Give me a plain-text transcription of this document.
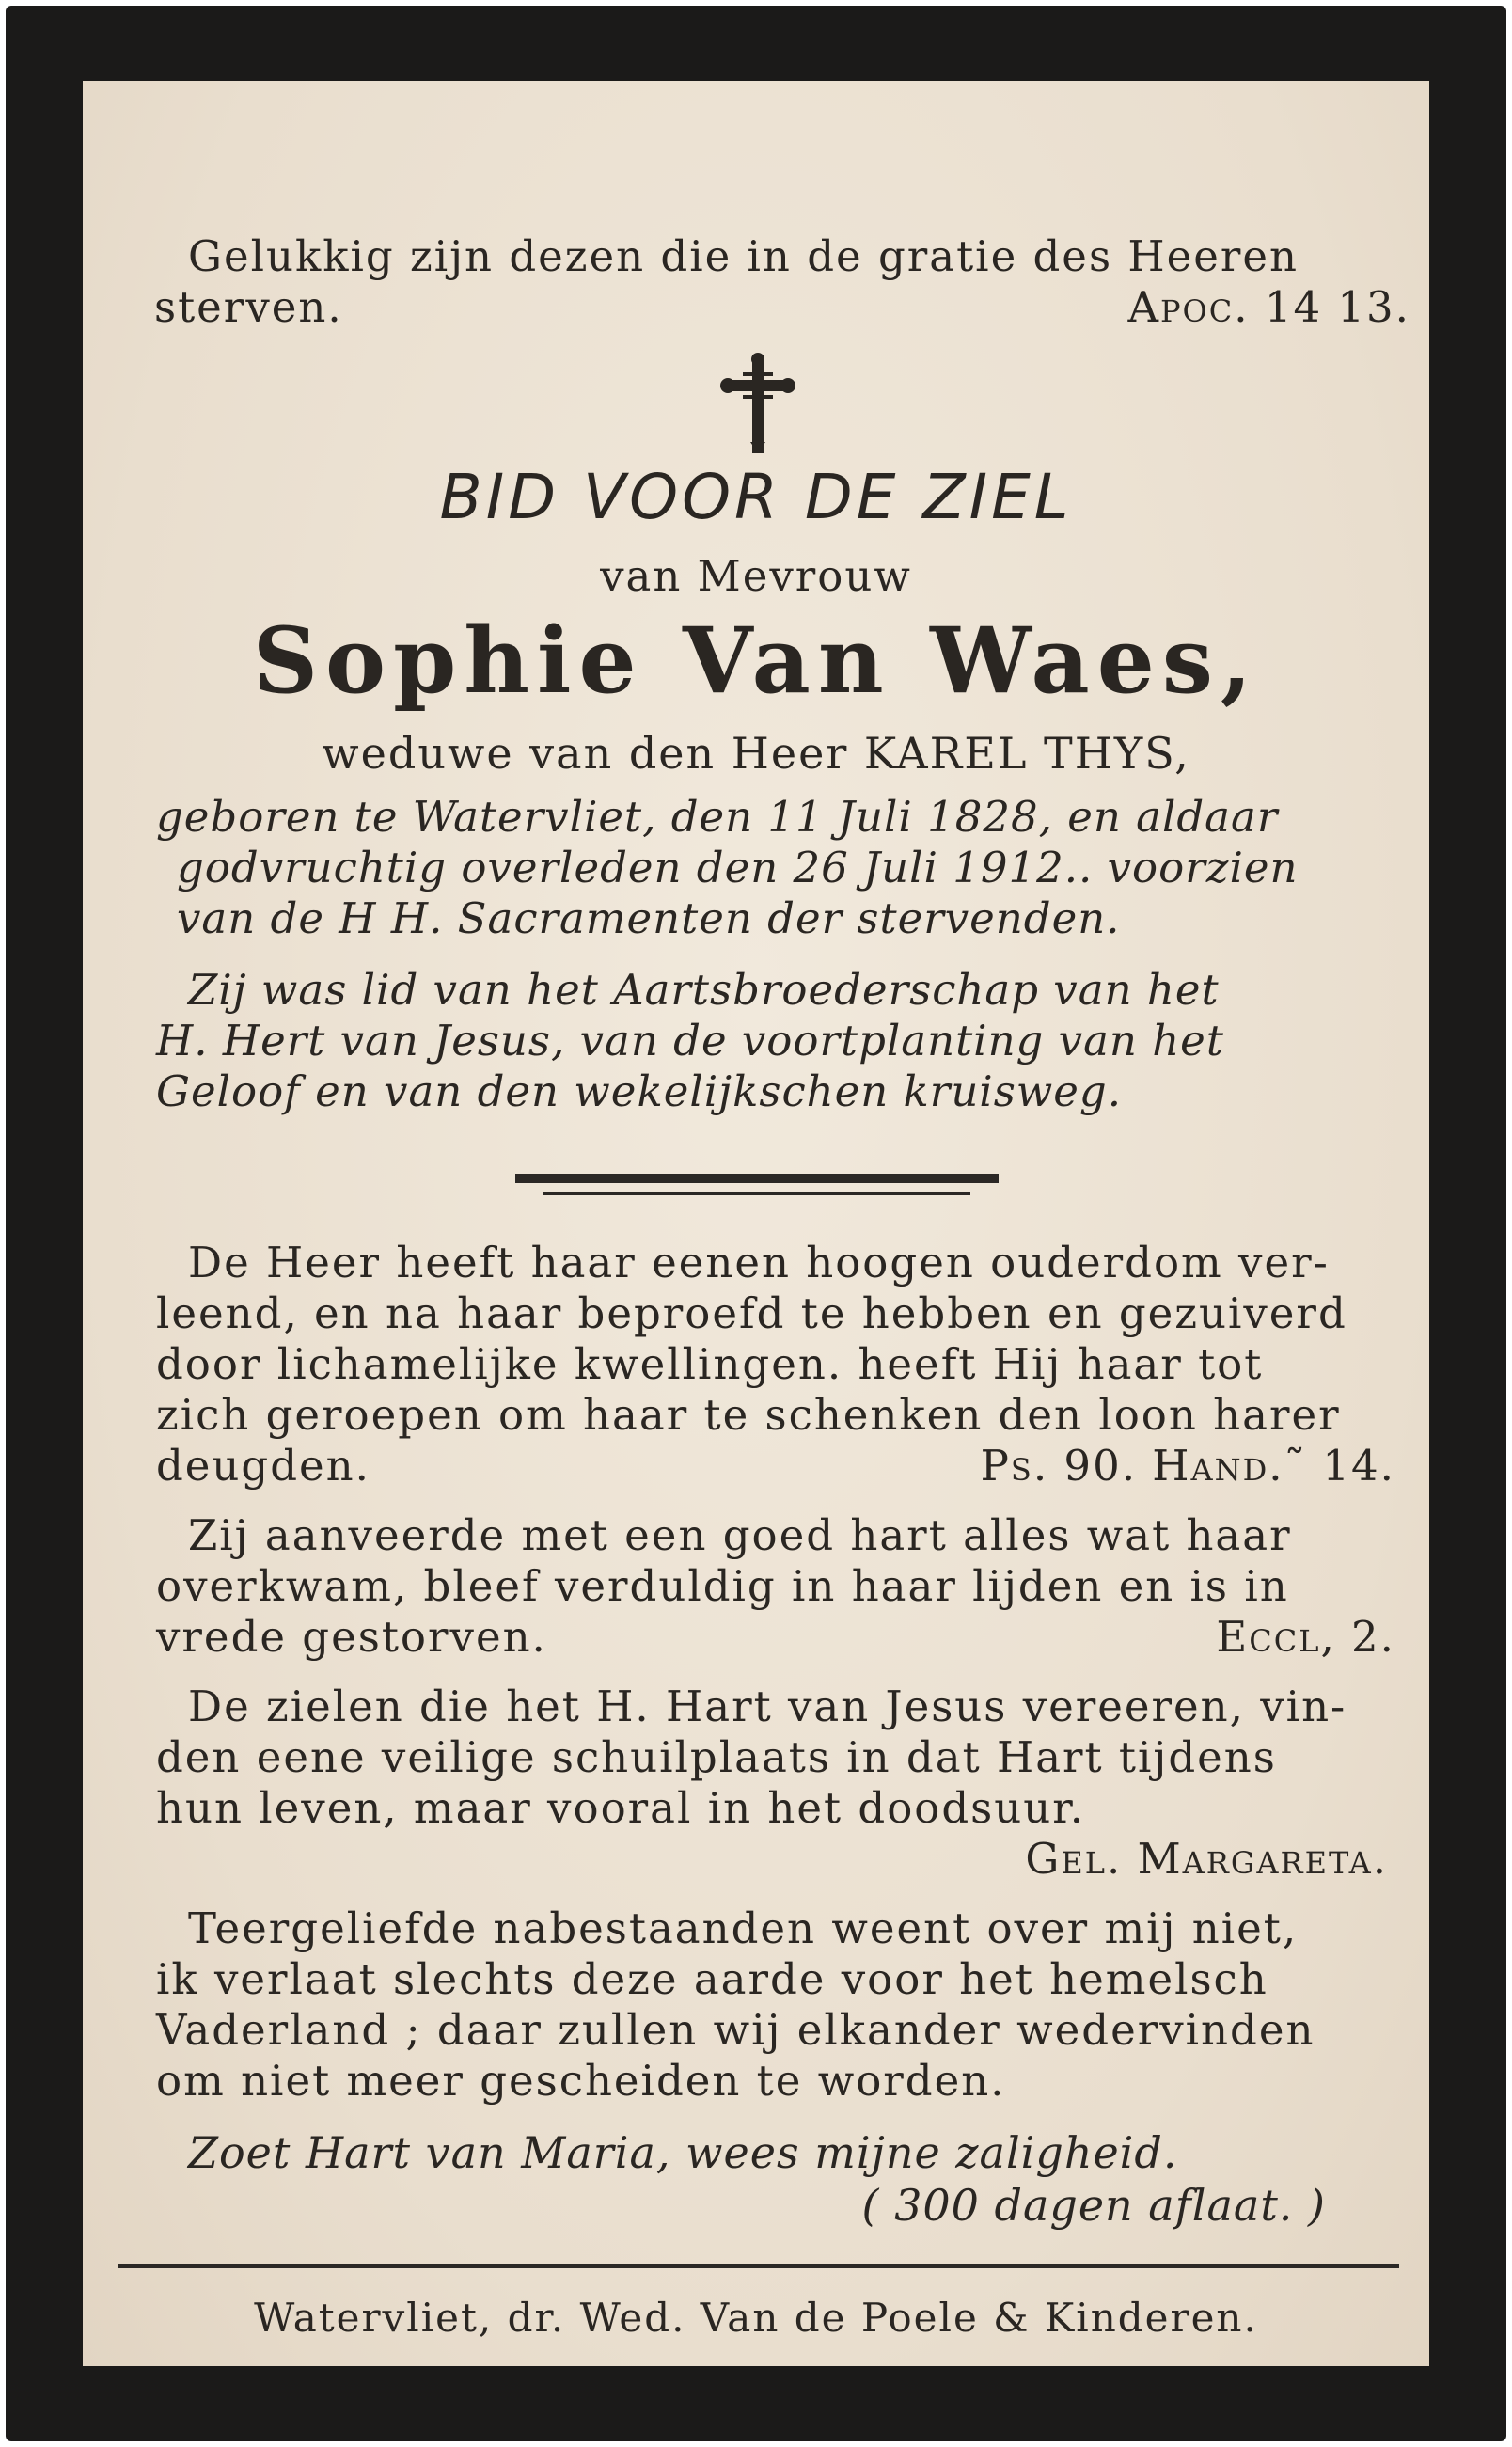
Gelukkig zijn dezen die in de gratie des Heeren
sterven.	Apoc. 14 13.
BID VOOR DE ZIEL
van Mevrouw
Sophie Van Waes,
weduwe van den Heer KAREL THYS,
geboren te Watervliet, den 11 Juli 1828, en aldaar
godvruchtig overleden den 26 Juli 1912.. voorzien
van de H H. Sacramenten der stervenden.
Zij was lid van het Aartsbroederschap van het
H. Hert van Jesus, van de voortplanting van het
Geloof en van den wekelijkschen kruisweg.
De Heer heeft haar eenen hoogen ouderdom ver-
leend, en na haar beproefd te hebben en gezuiverd
door lichamelijke kwellingen. heeft Hij haar tot
zich geroepen om haar te schenken den loon harer
deugden.	Ps. 90. Hand.˜ 14.
Zij aanveerde met een goed hart alles wat haar
overkwam, bleef verduldig in haar lijden en is in
vrede gestorven.	Eccl, 2.
De zielen die het H. Hart van Jesus vereeren, vin-
den eene veilige schuilplaats in dat Hart tijdens
hun leven, maar vooral in het doodsuur.
Gel. Margareta.
Teergeliefde nabestaanden weent over mij niet,
ik verlaat slechts deze aarde voor het hemelsch
Vaderland ; daar zullen wij elkander wedervinden
om niet meer gescheiden te worden.
Zoet Hart van Maria, wees mijne zaligheid.
( 300 dagen aflaat. )
Watervliet, dr. Wed. Van de Poele & Kinderen.
